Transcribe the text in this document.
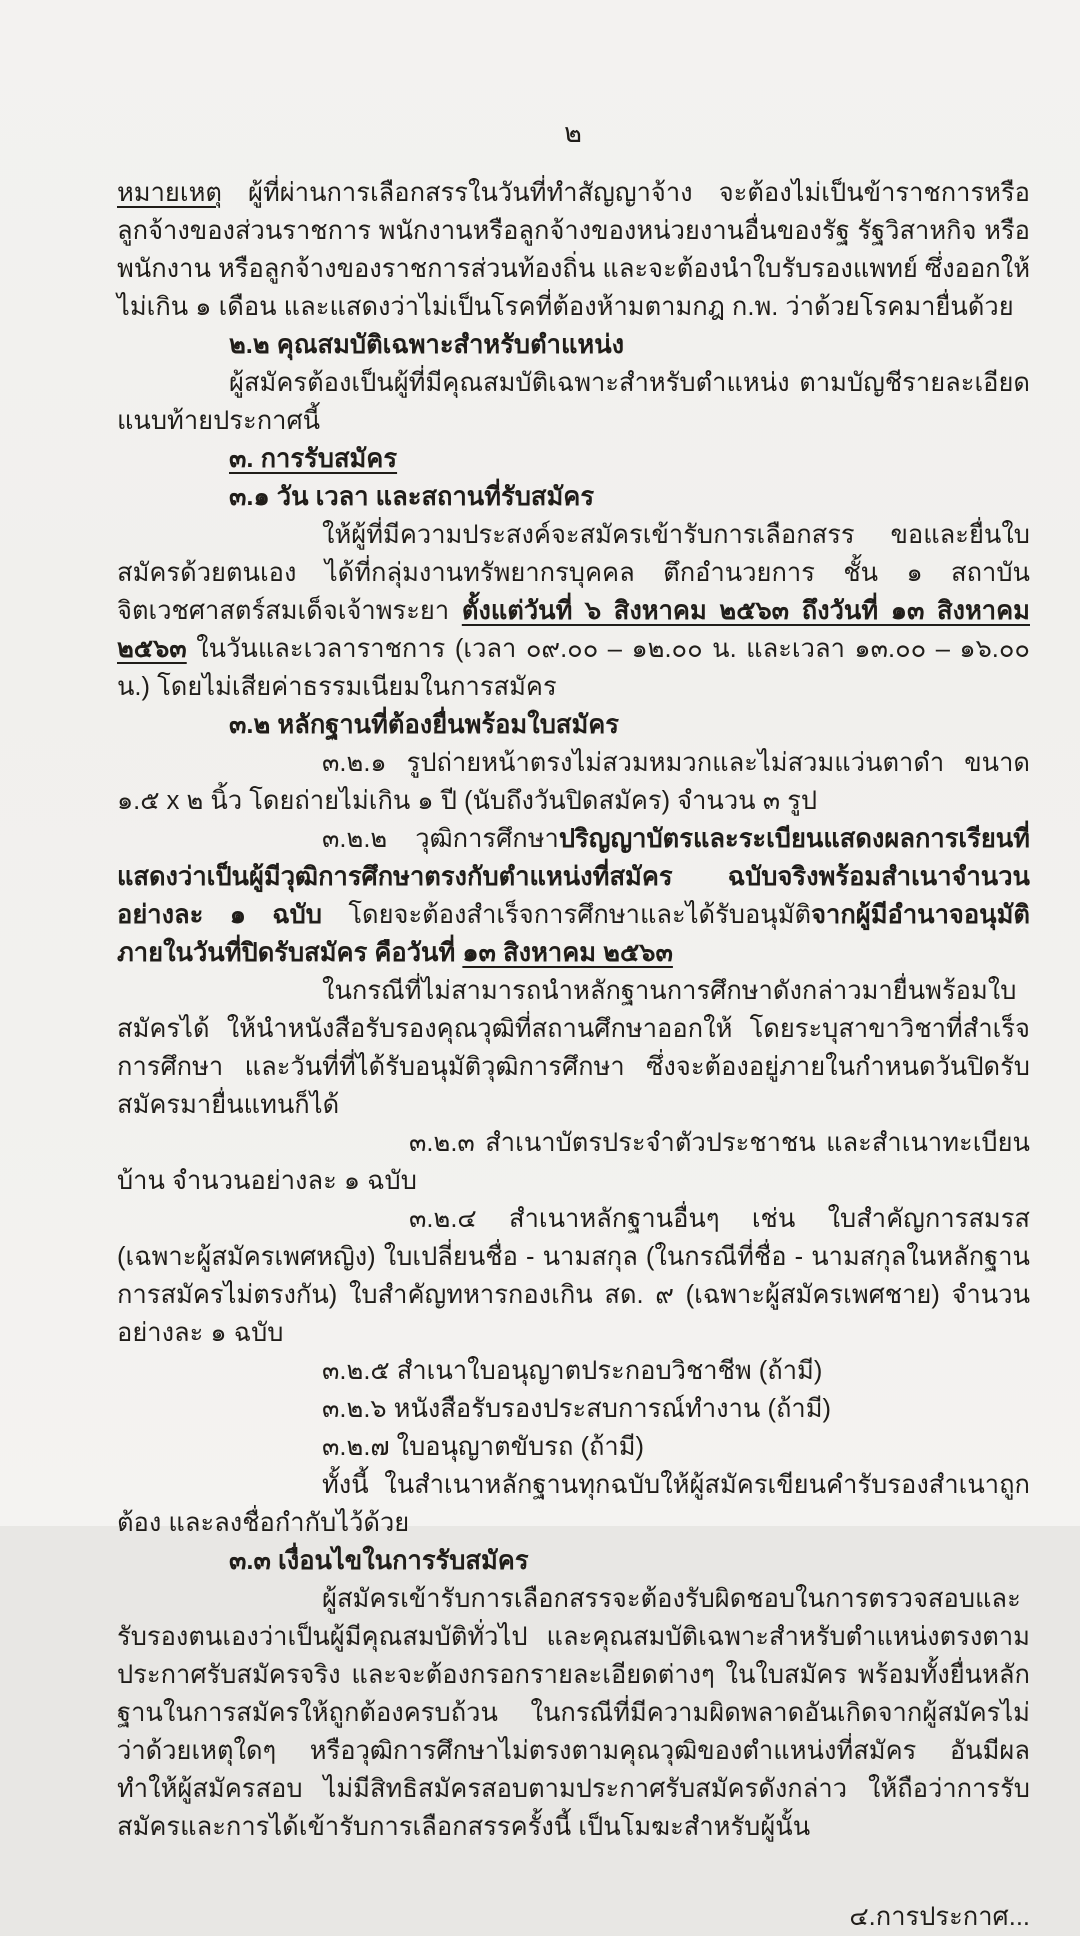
๒

หมายเหตุ ผู้ที่ผ่านการเลือกสรรในวันที่ทำสัญญาจ้าง จะต้องไม่เป็นข้าราชการหรือลูกจ้างของส่วนราชการ พนักงานหรือลูกจ้างของหน่วยงานอื่นของรัฐ รัฐวิสาหกิจ หรือพนักงาน หรือลูกจ้างของราชการส่วนท้องถิ่น และจะต้องนำใบรับรองแพทย์ ซึ่งออกให้ไม่เกิน ๑ เดือน และแสดงว่าไม่เป็นโรคที่ต้องห้ามตามกฎ ก.พ. ว่าด้วยโรคมายื่นด้วย

๒.๒ คุณสมบัติเฉพาะสำหรับตำแหน่ง

ผู้สมัครต้องเป็นผู้ที่มีคุณสมบัติเฉพาะสำหรับตำแหน่ง ตามบัญชีรายละเอียดแนบท้ายประกาศนี้

๓. การรับสมัคร

๓.๑ วัน เวลา และสถานที่รับสมัคร

ให้ผู้ที่มีความประสงค์จะสมัครเข้ารับการเลือกสรร ขอและยื่นใบสมัครด้วยตนเอง ได้ที่กลุ่มงานทรัพยากรบุคคล ตึกอำนวยการ ชั้น ๑ สถาบันจิตเวชศาสตร์สมเด็จเจ้าพระยา ตั้งแต่วันที่ ๖ สิงหาคม ๒๕๖๓ ถึงวันที่ ๑๓ สิงหาคม ๒๕๖๓ ในวันและเวลาราชการ (เวลา ๐๙.๐๐ – ๑๒.๐๐ น. และเวลา ๑๓.๐๐ – ๑๖.๐๐ น.) โดยไม่เสียค่าธรรมเนียมในการสมัคร

๓.๒ หลักฐานที่ต้องยื่นพร้อมใบสมัคร

๓.๒.๑ รูปถ่ายหน้าตรงไม่สวมหมวกและไม่สวมแว่นตาดำ ขนาด ๑.๕ x ๒ นิ้ว โดยถ่ายไม่เกิน ๑ ปี (นับถึงวันปิดสมัคร) จำนวน ๓ รูป

๓.๒.๒ วุฒิการศึกษาปริญญาบัตรและระเบียนแสดงผลการเรียนที่แสดงว่าเป็นผู้มีวุฒิการศึกษาตรงกับตำแหน่งที่สมัคร ฉบับจริงพร้อมสำเนาจำนวนอย่างละ ๑ ฉบับ โดยจะต้องสำเร็จการศึกษาและได้รับอนุมัติจากผู้มีอำนาจอนุมัติ ภายในวันที่ปิดรับสมัคร คือวันที่ ๑๓ สิงหาคม ๒๕๖๓

ในกรณีที่ไม่สามารถนำหลักฐานการศึกษาดังกล่าวมายื่นพร้อมใบสมัครได้ ให้นำหนังสือรับรองคุณวุฒิที่สถานศึกษาออกให้ โดยระบุสาขาวิชาที่สำเร็จการศึกษา และวันที่ที่ได้รับอนุมัติวุฒิการศึกษา ซึ่งจะต้องอยู่ภายในกำหนดวันปิดรับสมัครมายื่นแทนก็ได้

๓.๒.๓ สำเนาบัตรประจำตัวประชาชน และสำเนาทะเบียนบ้าน จำนวนอย่างละ ๑ ฉบับ

๓.๒.๔ สำเนาหลักฐานอื่นๆ เช่น ใบสำคัญการสมรส (เฉพาะผู้สมัครเพศหญิง) ใบเปลี่ยนชื่อ - นามสกุล (ในกรณีที่ชื่อ - นามสกุลในหลักฐานการสมัครไม่ตรงกัน) ใบสำคัญทหารกองเกิน สด. ๙ (เฉพาะผู้สมัครเพศชาย) จำนวนอย่างละ ๑ ฉบับ

๓.๒.๕ สำเนาใบอนุญาตประกอบวิชาชีพ (ถ้ามี)

๓.๒.๖ หนังสือรับรองประสบการณ์ทำงาน (ถ้ามี)

๓.๒.๗ ใบอนุญาตขับรถ (ถ้ามี)

ทั้งนี้ ในสำเนาหลักฐานทุกฉบับให้ผู้สมัครเขียนคำรับรองสำเนาถูกต้อง และลงชื่อกำกับไว้ด้วย

๓.๓ เงื่อนไขในการรับสมัคร

ผู้สมัครเข้ารับการเลือกสรรจะต้องรับผิดชอบในการตรวจสอบและรับรองตนเองว่าเป็นผู้มีคุณสมบัติทั่วไป และคุณสมบัติเฉพาะสำหรับตำแหน่งตรงตามประกาศรับสมัครจริง และจะต้องกรอกรายละเอียดต่างๆ ในใบสมัคร พร้อมทั้งยื่นหลักฐานในการสมัครให้ถูกต้องครบถ้วน ในกรณีที่มีความผิดพลาดอันเกิดจากผู้สมัครไม่ว่าด้วยเหตุใดๆ หรือวุฒิการศึกษาไม่ตรงตามคุณวุฒิของตำแหน่งที่สมัคร อันมีผลทำให้ผู้สมัครสอบ ไม่มีสิทธิสมัครสอบตามประกาศรับสมัครดังกล่าว ให้ถือว่าการรับสมัครและการได้เข้ารับการเลือกสรรครั้งนี้ เป็นโมฆะสำหรับผู้นั้น

๔.การประกาศ...
